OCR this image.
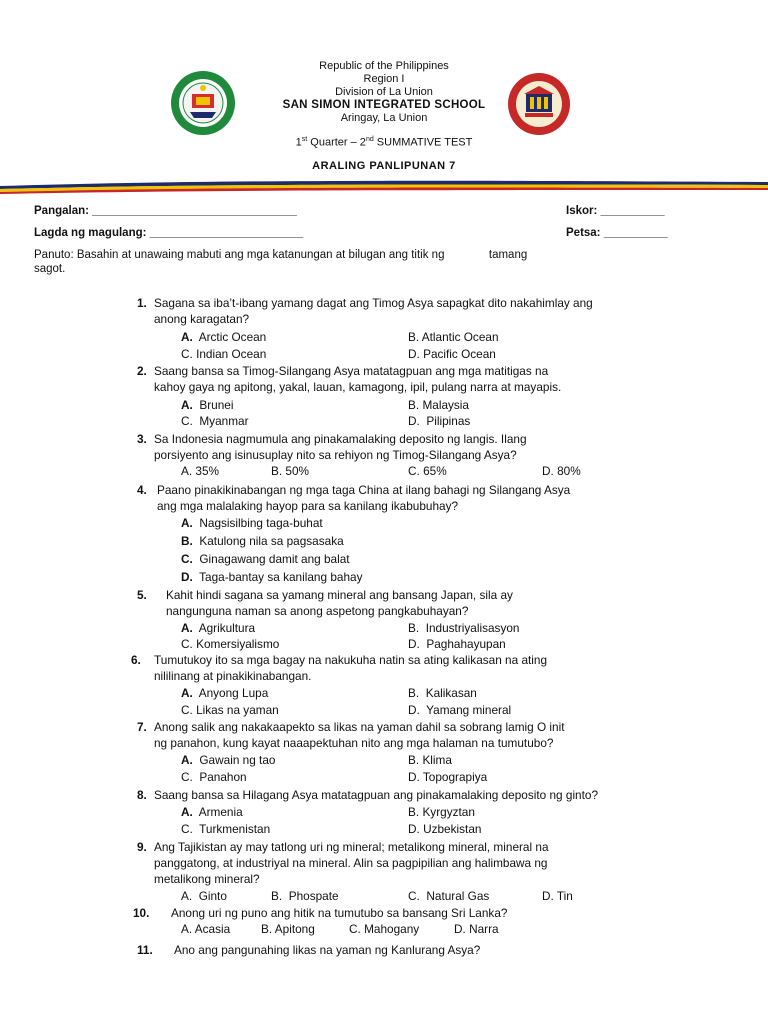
Republic of the Philippines
Region I
Division of La Union
SAN SIMON INTEGRATED SCHOOL
Aringay, La Union
1st Quarter – 2nd SUMMATIVE TEST
ARALING PANLIPUNAN 7
Pangalan: ________________________________	Iskor: __________
Lagda ng magulang: ________________________	Petsa: __________
Panuto: Basahin at unawaing mabuti ang mga katanungan at bilugan ang titik ng	tamang
sagot.
1. Sagana sa iba’t-ibang yamang dagat ang Timog Asya sapagkat dito nakahimlay ang
anong karagatan?
A. Arctic Ocean	B. Atlantic Ocean
C. Indian Ocean	D. Pacific Ocean
2. Saang bansa sa Timog-Silangang Asya matatagpuan ang mga matitigas na
kahoy gaya ng apitong, yakal, lauan, kamagong, ipil, pulang narra at mayapis.
A. Brunei	B. Malaysia
C.  Myanmar	D.  Pilipinas
3. Sa Indonesia nagmumula ang pinakamalaking deposito ng langis. Ilang
porsiyento ang isinusuplay nito sa rehiyon ng Timog-Silangang Asya?
A. 35%	B. 50%	C. 65%	D. 80%
4. Paano pinakikinabangan ng mga taga China at ilang bahagi ng Silangang Asya
ang mga malalaking hayop para sa kanilang ikabubuhay?
A. Nagsisilbing taga-buhat
B. Katulong nila sa pagsasaka
C. Ginagawang damit ang balat
D. Taga-bantay sa kanilang bahay
5. Kahit hindi sagana sa yamang mineral ang bansang Japan, sila ay
nangunguna naman sa anong aspetong pangkabuhayan?
A. Agrikultura	B.  Industriyalisasyon
C. Komersiyalismo	D.  Paghahayupan
6. Tumutukoy ito sa mga bagay na nakukuha natin sa ating kalikasan na ating
nililinang at pinakikinabangan.
A. Anyong Lupa	B.  Kalikasan
C. Likas na yaman	D.  Yamang mineral
7. Anong salik ang nakakaapekto sa likas na yaman dahil sa sobrang lamig O init
ng panahon, kung kayat naaapektuhan nito ang mga halaman na tumutubo?
A. Gawain ng tao	B. Klima
C.  Panahon	D. Topograpiya
8. Saang bansa sa Hilagang Asya matatagpuan ang pinakamalaking deposito ng ginto?
A. Armenia	B. Kyrgyztan
C.  Turkmenistan	D. Uzbekistan
9. Ang Tajikistan ay may tatlong uri ng mineral; metalikong mineral, mineral na
panggatong, at industriyal na mineral. Alin sa pagpipilian ang halimbawa ng
metalikong mineral?
A.  Ginto	B.  Phospate	C.  Natural Gas	D. Tin
10. Anong uri ng puno ang hitik na tumutubo sa bansang Sri Lanka?
A. Acasia	B. Apitong	C. Mahogany	D. Narra
11. Ano ang pangunahing likas na yaman ng Kanlurang Asya?
